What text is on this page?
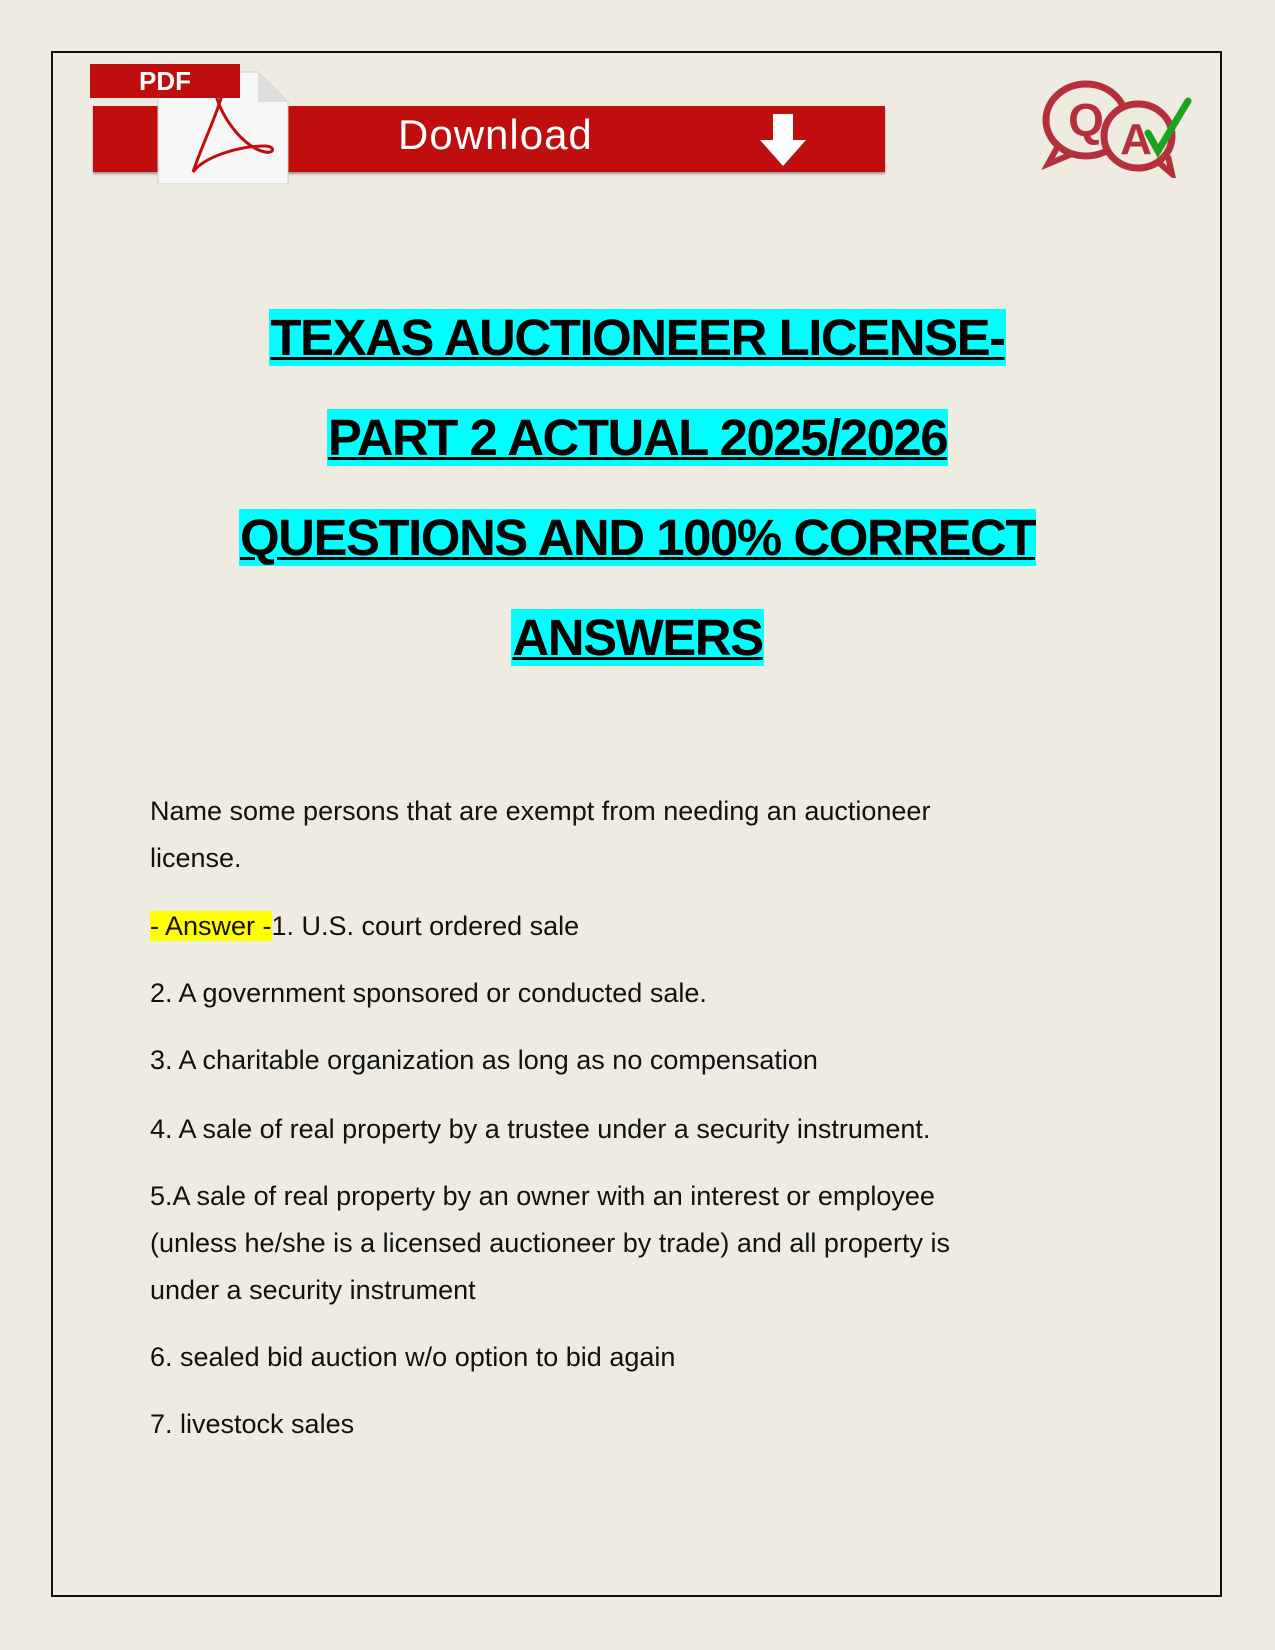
Download
PDF
Q A
TEXAS AUCTIONEER LICENSE-
PART 2 ACTUAL 2025/2026
QUESTIONS AND 100% CORRECT
ANSWERS
Name some persons that are exempt from needing an auctioneer
license.
- Answer -1. U.S. court ordered sale
2. A government sponsored or conducted sale.
3. A charitable organization as long as no compensation
4. A sale of real property by a trustee under a security instrument.
5.A sale of real property by an owner with an interest or employee
(unless he/she is a licensed auctioneer by trade) and all property is
under a security instrument
6. sealed bid auction w/o option to bid again
7. livestock sales
